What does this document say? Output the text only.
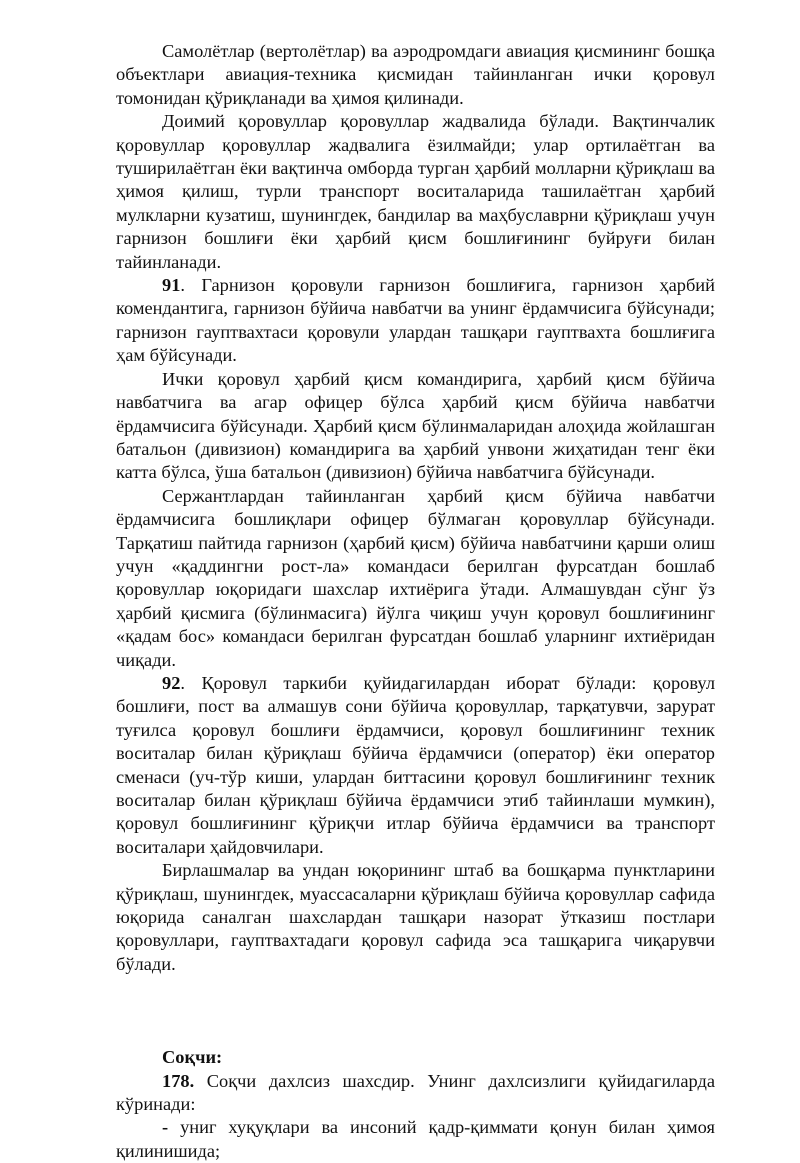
Самолётлар (вертолётлар) ва аэродромдаги авиация қисмининг бошқа объектлари авиация-техника қисмидан тайинланган ички қоровул томонидан қўриқланади ва ҳимоя қилинади.

Доимий қоровуллар қоровуллар жадвалида бўлади. Вақтинчалик қоровуллар қоровуллар жадвалига ёзилмайди; улар ортилаётган ва туширилаётган ёки вақтинча омборда турган ҳарбий молларни қўриқлаш ва ҳимоя қилиш, турли транспорт воситаларида ташилаётган ҳарбий мулкларни кузатиш, шунингдек, бандилар ва маҳбуславрни қўриқлаш учун гарнизон бошлиғи ёки ҳарбий қисм бошлиғининг буйруғи билан тайинланади.

91. Гарнизон қоровули гарнизон бошлиғига, гарнизон ҳарбий комендантига, гарнизон бўйича навбатчи ва унинг ёрдамчисига бўйсунади; гарнизон гауптвахтаси қоровули улардан ташқари гауптвахта бошлиғига ҳам бўйсунади.

Ички қоровул ҳарбий қисм командирига, ҳарбий қисм бўйича навбатчига ва агар офицер бўлса ҳарбий қисм бўйича навбатчи ёрдамчисига бўйсунади. Ҳарбий қисм бўлинмаларидан алоҳида жойлашган батальон (дивизион) командирига ва ҳарбий унвони жиҳатидан тенг ёки катта бўлса, ўша батальон (дивизион) бўйича навбатчига бўйсунади.

Сержантлардан тайинланган ҳарбий қисм бўйича навбатчи ёрдамчисига бошлиқлари офицер бўлмаган қоровуллар бўйсунади. Тарқатиш пайтида гарнизон (ҳарбий қисм) бўйича навбатчини қарши олиш учун «қаддингни рост-ла» командаси берилган фурсатдан бошлаб қоровуллар юқоридаги шахслар ихтиёрига ўтади. Алмашувдан сўнг ўз ҳарбий қисмига (бўлинмасига) йўлга чиқиш учун қоровул бошлиғининг «қадам бос» командаси берилган фурсатдан бошлаб уларнинг ихтиёридан чиқади.

92. Қоровул таркиби қуйидагилардан иборат бўлади: қоровул бошлиғи, пост ва алмашув сони бўйича қоровуллар, тарқатувчи, зарурат туғилса қоровул бошлиғи ёрдамчиси, қоровул бошлиғининг техник воситалар билан қўриқлаш бўйича ёрдамчиси (оператор) ёки оператор сменаси (уч-тўр киши, улардан биттасини қоровул бошлиғининг техник воситалар билан қўриқлаш бўйича ёрдамчиси этиб тайинлаши мумкин), қоровул бошлиғининг қўриқчи итлар бўйича ёрдамчиси ва транспорт воситалари ҳайдовчилари.

Бирлашмалар ва ундан юқорининг штаб ва бошқарма пунктларини қўриқлаш, шунингдек, муассасаларни қўриқлаш бўйича қоровуллар сафида юқорида саналган шахслардан ташқари назорат ўтказиш постлари қоровуллари, гауптвахтадаги қоровул сафида эса ташқарига чиқарувчи бўлади.

Соқчи:

178. Соқчи дахлсиз шахсдир. Унинг дахлсизлиги қуйидагиларда кўринади:

- униг хуқуқлари ва инсоний қадр-қиммати қонун билан ҳимоя қилинишида;
